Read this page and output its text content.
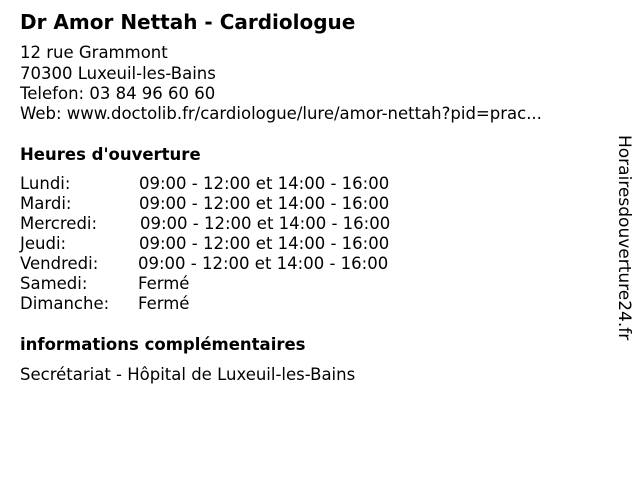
Dr Amor Nettah - Cardiologue
12 rue Grammont
70300 Luxeuil-les-Bains
Telefon: 03 84 96 60 60
Web: www.doctolib.fr/cardiologue/lure/amor-nettah?pid=prac...
Heures d'ouverture
Lundi:	09:00 - 12:00 et 14:00 - 16:00
Mardi:	09:00 - 12:00 et 14:00 - 16:00
Mercredi:	09:00 - 12:00 et 14:00 - 16:00
Jeudi:	09:00 - 12:00 et 14:00 - 16:00
Vendredi: 09:00 - 12:00 et 14:00 - 16:00
Samedi:	Fermé
Dimanche: Fermé
informations complémentaires
Secrétariat - Hôpital de Luxeuil-les-Bains
Horairesdouverture24.fr
